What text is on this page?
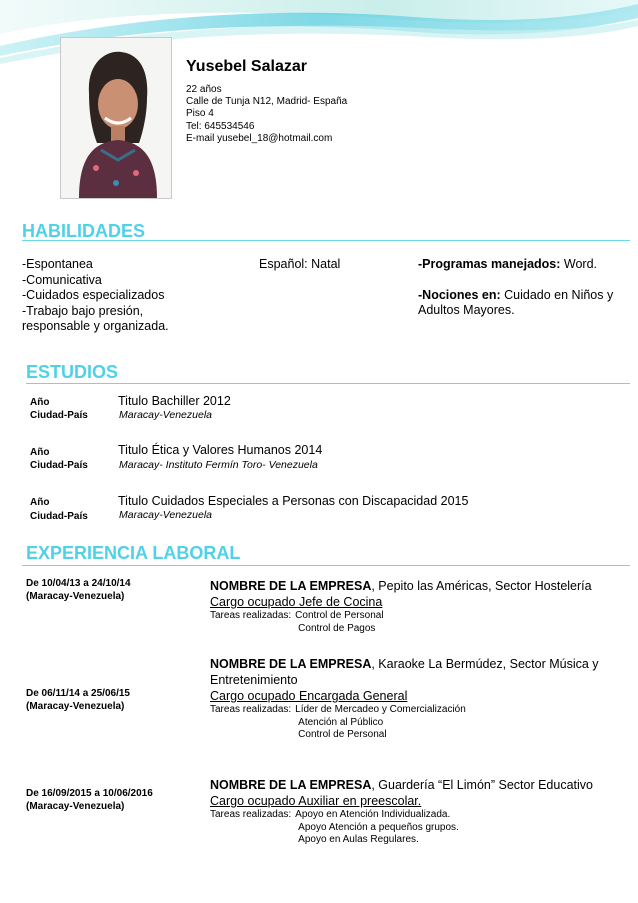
Yusebel Salazar
22 años
Calle de Tunja N12, Madrid- España
Piso 4
Tel: 645534546
E-mail yusebel_18@hotmail.com
HABILIDADES
-Espontanea
-Comunicativa
-Cuidados especializados
-Trabajo bajo presión,
responsable y organizada.
Español: Natal	-Programas manejados: Word.
-Nociones en: Cuidado en Niños y Adultos Mayores.
ESTUDIOS
Año	Titulo Bachiller 2012
Ciudad-País	Maracay-Venezuela
Año	Titulo Ética y Valores Humanos 2014
Ciudad-País	Maracay- Instituto Fermín Toro- Venezuela
Año	Titulo Cuidados Especiales a Personas con Discapacidad 2015
Ciudad-País	Maracay-Venezuela
EXPERIENCIA LABORAL
De 10/04/13 a 24/10/14
(Maracay-Venezuela)
NOMBRE DE LA EMPRESA, Pepito las Américas, Sector Hostelería
Cargo ocupado Jefe de Cocina
Tareas realizadas: Control de Personal
Control de Pagos
De 06/11/14 a 25/06/15
(Maracay-Venezuela)
NOMBRE DE LA EMPRESA, Karaoke La Bermúdez, Sector Música y Entretenimiento
Cargo ocupado Encargada General
Tareas realizadas: Líder de Mercadeo y Comercialización
Atención al Público
Control de Personal
De 16/09/2015 a 10/06/2016
(Maracay-Venezuela)
NOMBRE DE LA EMPRESA, Guardería “El Limón” Sector Educativo
Cargo ocupado Auxiliar en preescolar.
Tareas realizadas: Apoyo en Atención Individualizada.
Apoyo Atención a pequeños grupos.
Apoyo en Aulas Regulares.
